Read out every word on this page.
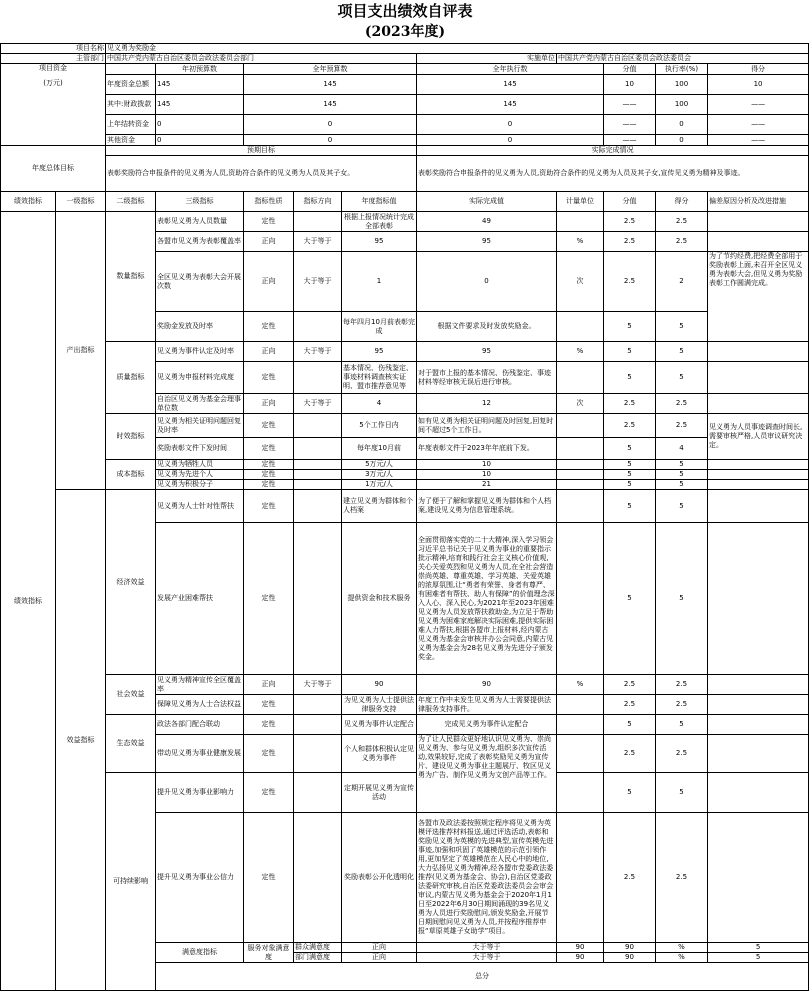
项目支出绩效自评表
(2023年度)
项目名称		见义勇为奖励金										
主管部门		中国共产党内蒙古自治区委员会政法委员会部门					实施单位	中国共产党内蒙古自治区委员会政法委员会				

项目资金
(万元)			年初预算数	全年预算数			全年执行数		分值	执行率(%)	得分	
		年度资金总额	145	145			145		10	100	10	
		其中:财政拨款	145	145			145		——	100	——	
		上年结转资金	0	0			0		——	0	——	
		其他资金	0	0			0		——	0	——	
年度总体目标		预期目标					实际完成情况					
		表彰奖励符合申报条件的见义勇为人员,资助符合条件的见义勇为人员及其子女。					表彰奖励符合申报条件的见义勇为人员,资助符合条件的见义勇为人员及其子女,宣传见义勇为精神及事迹。					
绩效指标	一级指标	二级指标	三级指标	指标性质	指标方向	年度指标值	实际完成值	计量单位	分值	得分	偏差原因分析及改进措施	
绩效指标	产出指标	数量指标	表彰见义勇为人员数量	定性		根据上报情况统计完成全部表彰	49		2.5	2.5		
			各盟市见义勇为表彰覆盖率	正向	大于等于	95	95	%	2.5	2.5		
			全区见义勇为表彰大会开展次数	正向	大于等于	1	0	次	2.5	2	为了节约经费,把经费全部用于奖励表彰上面,未召开全区见义勇为表彰大会,但见义勇为奖励表彰工作圆满完成。	
			奖励金发放及时率	定性		每年四月10月前表彰完成	根据文件要求及时发放奖励金。		5	5		
		质量指标	见义勇为事件认定及时率	正向	大于等于	95	95	%	5	5		
			见义勇为申报材料完成度	定性		基本情况、伤残鉴定、事迹材料调查核实证明、盟市推荐意见等	对于盟市上报的基本情况、伤残鉴定、事迹材料等经审核无误后进行审核。		5	5		
			自治区见义勇为基金会理事单位数	正向	大于等于	4	12	次	2.5	2.5		
		时效指标	见义勇为相关证明问题回复及时率	定性		5个工作日内	如有见义勇为相关证明问题及时回复,回复时间不超过5个工作日。		2.5	2.5	见义勇为人员事迹调查时间长,需要审核严格,人员审议研究决定。	
			奖励表彰文件下发时间	定性		每年度10月前	年度表彰文件于2023年年底前下发。		5	4		
		成本指标	见义勇为牺牲人员	定性		5万元/人	10		5	5		
			见义勇为先进个人	定性		3万元/人	10		5	5		
			见义勇为积极分子	定性		1万元/人	21		5	5		
	效益指标	经济效益	见义勇为人士针对性帮扶	定性		建立见义勇为群体和个人档案	为了便于了解和掌握见义勇为群体和个人档案,建设见义勇为信息管理系统。		5	5		
			发展产业困难帮扶	定性		提供资金和技术服务	全面贯彻落实党的二十大精神,深入学习领会习近平总书记关于见义勇为事业的重要指示批示精神,培育和践行社会主义核心价值观,关心关爱英烈和见义勇为人员,在全社会营造崇尚英雄、尊重英雄、学习英雄、关爱英雄的浓厚氛围,让“勇者有荣誉、身者有尊严、有困难者有帮扶、助人有保障”的价值理念深入人心、深入民心,为2021年至2023年困难见义勇为人员发放帮扶救助金,为立足于帮助见义勇为困难家庭解决实际困难,提供实际困难人力帮扶,根据各盟市上报材料,经内蒙古见义勇为基金会审核并办公会同意,内蒙古见义勇为基金会为28名见义勇为先进分子颁发奖金。		5	5		
		社会效益	见义勇为精神宣传全区覆盖率	正向	大于等于	90	90	%	2.5	2.5		
			保障见义勇为人士合法权益	定性		为见义勇为人士提供法律服务支持	年度工作中未发生见义勇为人士需要提供法律服务支持事件。		2.5	2.5		
		生态效益	政法各部门配合联动	定性		见义勇为事件认定配合	完成见义勇为事件认定配合		5	5		
			带动见义勇为事业健康发展	定性		个人和群体积极认定见义勇为事件	为了让人民群众更好地认识见义勇为、崇尚见义勇为、参与见义勇为,组织多次宣传活动,效果较好,完成了表彰奖励见义勇为宣传片、建设见义勇为事业主题展厅、牧区见义勇为广告、制作见义勇为文创产品等工作。		2.5	2.5		
		可持续影响	提升见义勇为事业影响力	定性		定期开展见义勇为宣传活动			5	5		
			提升见义勇为事业公信力	定性		奖励表彰公开化透明化	各盟市及政法委按照规定程序将见义勇为英模评选推荐材料报送,通过评选活动,表彰和奖励见义勇为英模的先进典型,宣传英模先进事迹,加强和巩固了英雄模范的示范引领作用,更加坚定了英雄模范在人民心中的地位,大力弘扬见义勇为精神,经各盟市党委政法委推荐(见义勇为基金会、协会),自治区党委政法委研究审核,自治区党委政法委员会会审会审议,内蒙古见义勇为基金会于2020年1月1日至2022年6月30日期间涌现的39名见义勇为人员进行奖励慰问,颁发奖励金,开展节日期间慰问见义勇为人员,并按程序推荐申报“草原英雄子女助学”项目。		2.5	2.5		
			满意度指标	服务对象满意度	群众满意度	正向	大于等于	90	90	%	5		
					部门满意度	正向	大于等于	90	90	%	5		
			总分			
